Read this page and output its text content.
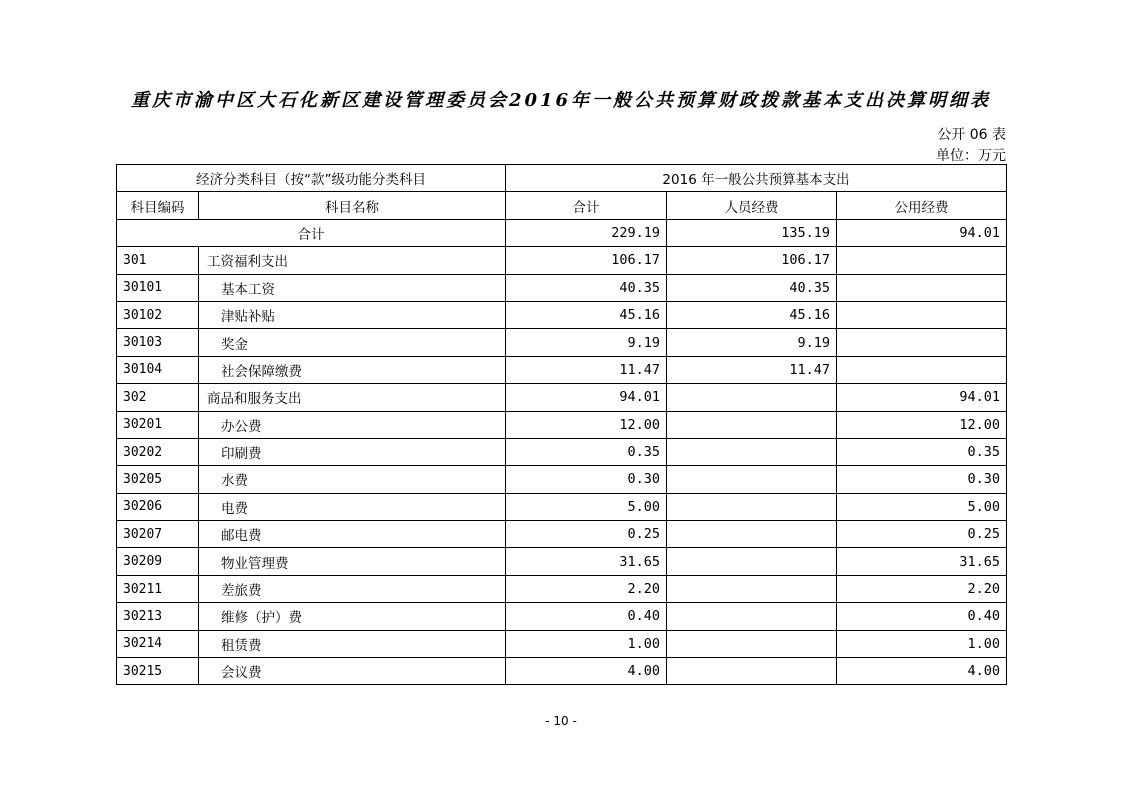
重庆市渝中区大石化新区建设管理委员会2016年一般公共预算财政拨款基本支出决算明细表
公开 06 表
单位：万元
经济分类科目（按“款”级功能分类科目		2016 年一般公共预算基本支出		
科目编码	科目名称	合计	人员经费	公用经费
合计		229.19	135.19	94.01
301	工资福利支出	106.17	106.17	
30101	基本工资	40.35	40.35	
30102	津贴补贴	45.16	45.16	
30103	奖金	9.19	9.19	
30104	社会保障缴费	11.47	11.47	
302	商品和服务支出	94.01		94.01
30201	办公费	12.00		12.00
30202	印刷费	0.35		0.35
30205	水费	0.30		0.30
30206	电费	5.00		5.00
30207	邮电费	0.25		0.25
30209	物业管理费	31.65		31.65
30211	差旅费	2.20		2.20
30213	维修（护）费	0.40		0.40
30214	租赁费	1.00		1.00
30215	会议费	4.00		4.00
- 10 -
